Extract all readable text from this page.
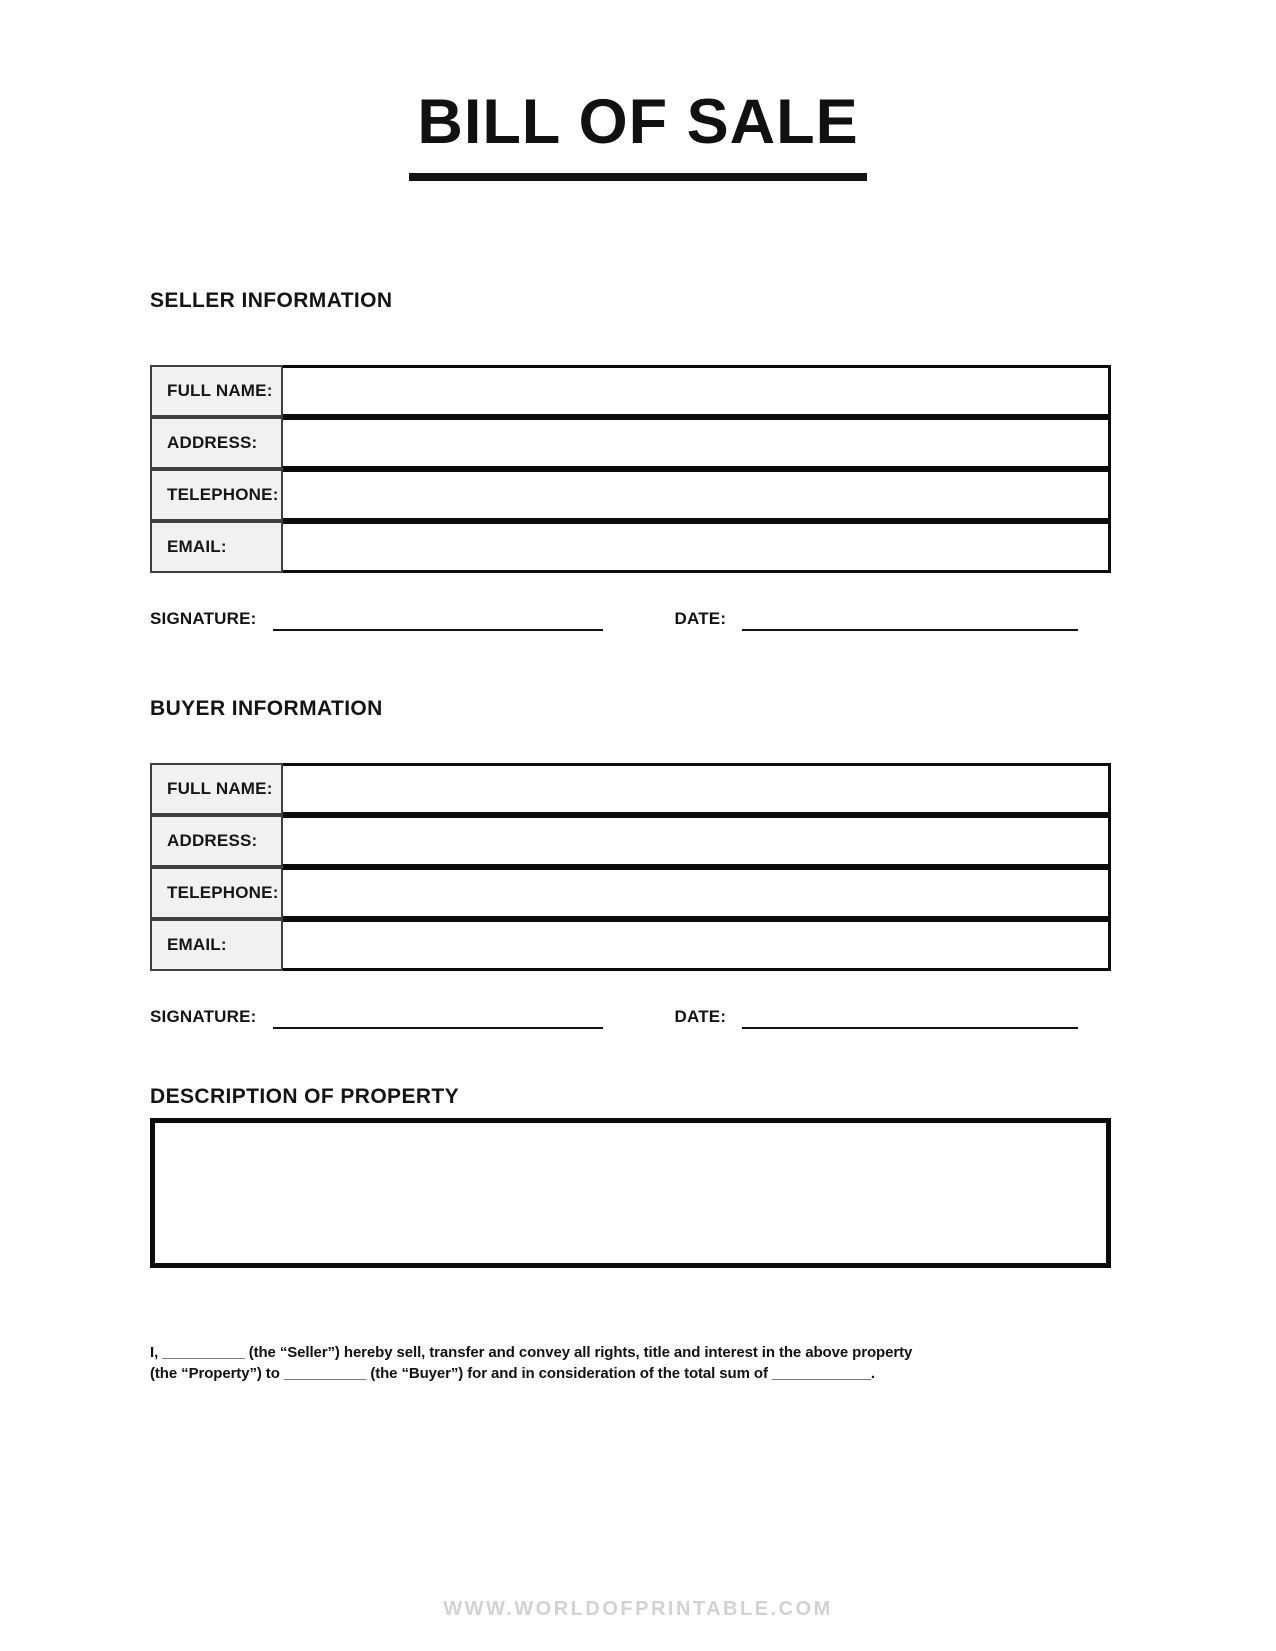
BILL OF SALE
SELLER INFORMATION
FULL NAME:
ADDRESS:
TELEPHONE:
EMAIL:
SIGNATURE:	DATE:
BUYER INFORMATION
FULL NAME:
ADDRESS:
TELEPHONE:
EMAIL:
SIGNATURE:	DATE:
DESCRIPTION OF PROPERTY
I, __________ (the “Seller”) hereby sell, transfer and convey all rights, title and interest in the above property
(the “Property”) to __________ (the “Buyer”) for and in consideration of the total sum of ____________.
WWW.WORLDOFPRINTABLE.COM
